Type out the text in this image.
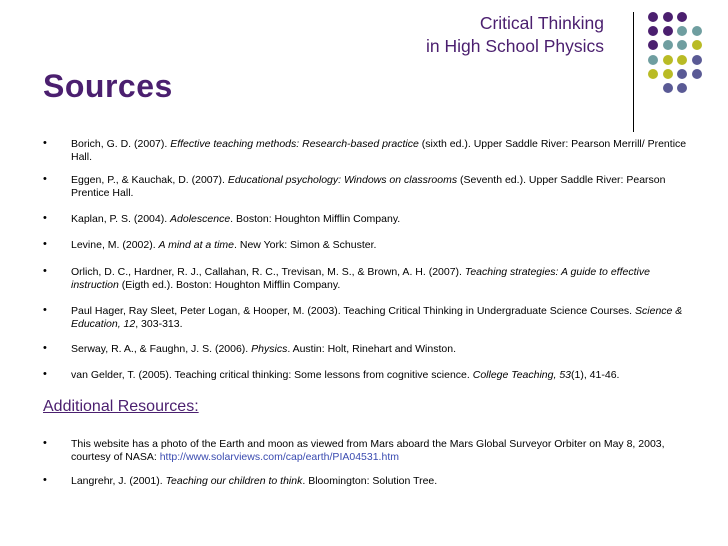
Critical Thinking
in High School Physics
Sources
• Borich, G. D. (2007). Effective teaching methods: Research-based practice (sixth ed.). Upper Saddle River: Pearson Merrill/ Prentice Hall.
• Eggen, P., & Kauchak, D. (2007). Educational psychology: Windows on classrooms (Seventh ed.). Upper Saddle River: Pearson Prentice Hall.
• Kaplan, P. S. (2004). Adolescence. Boston: Houghton Mifflin Company.
• Levine, M. (2002). A mind at a time. New York: Simon & Schuster.
• Orlich, D. C., Hardner, R. J., Callahan, R. C., Trevisan, M. S., & Brown, A. H. (2007). Teaching strategies: A guide to effective instruction (Eigth ed.). Boston: Houghton Mifflin Company.
• Paul Hager, Ray Sleet, Peter Logan, & Hooper, M. (2003). Teaching Critical Thinking in Undergraduate Science Courses. Science & Education, 12, 303-313.
• Serway, R. A., & Faughn, J. S. (2006). Physics. Austin: Holt, Rinehart and Winston.
• van Gelder, T. (2005). Teaching critical thinking: Some lessons from cognitive science. College Teaching, 53(1), 41-46.
Additional Resources:
• This website has a photo of the Earth and moon as viewed from Mars aboard the Mars Global Surveyor Orbiter on May 8, 2003, courtesy of NASA: http://www.solarviews.com/cap/earth/PIA04531.htm
• Langrehr, J. (2001). Teaching our children to think. Bloomington: Solution Tree.
